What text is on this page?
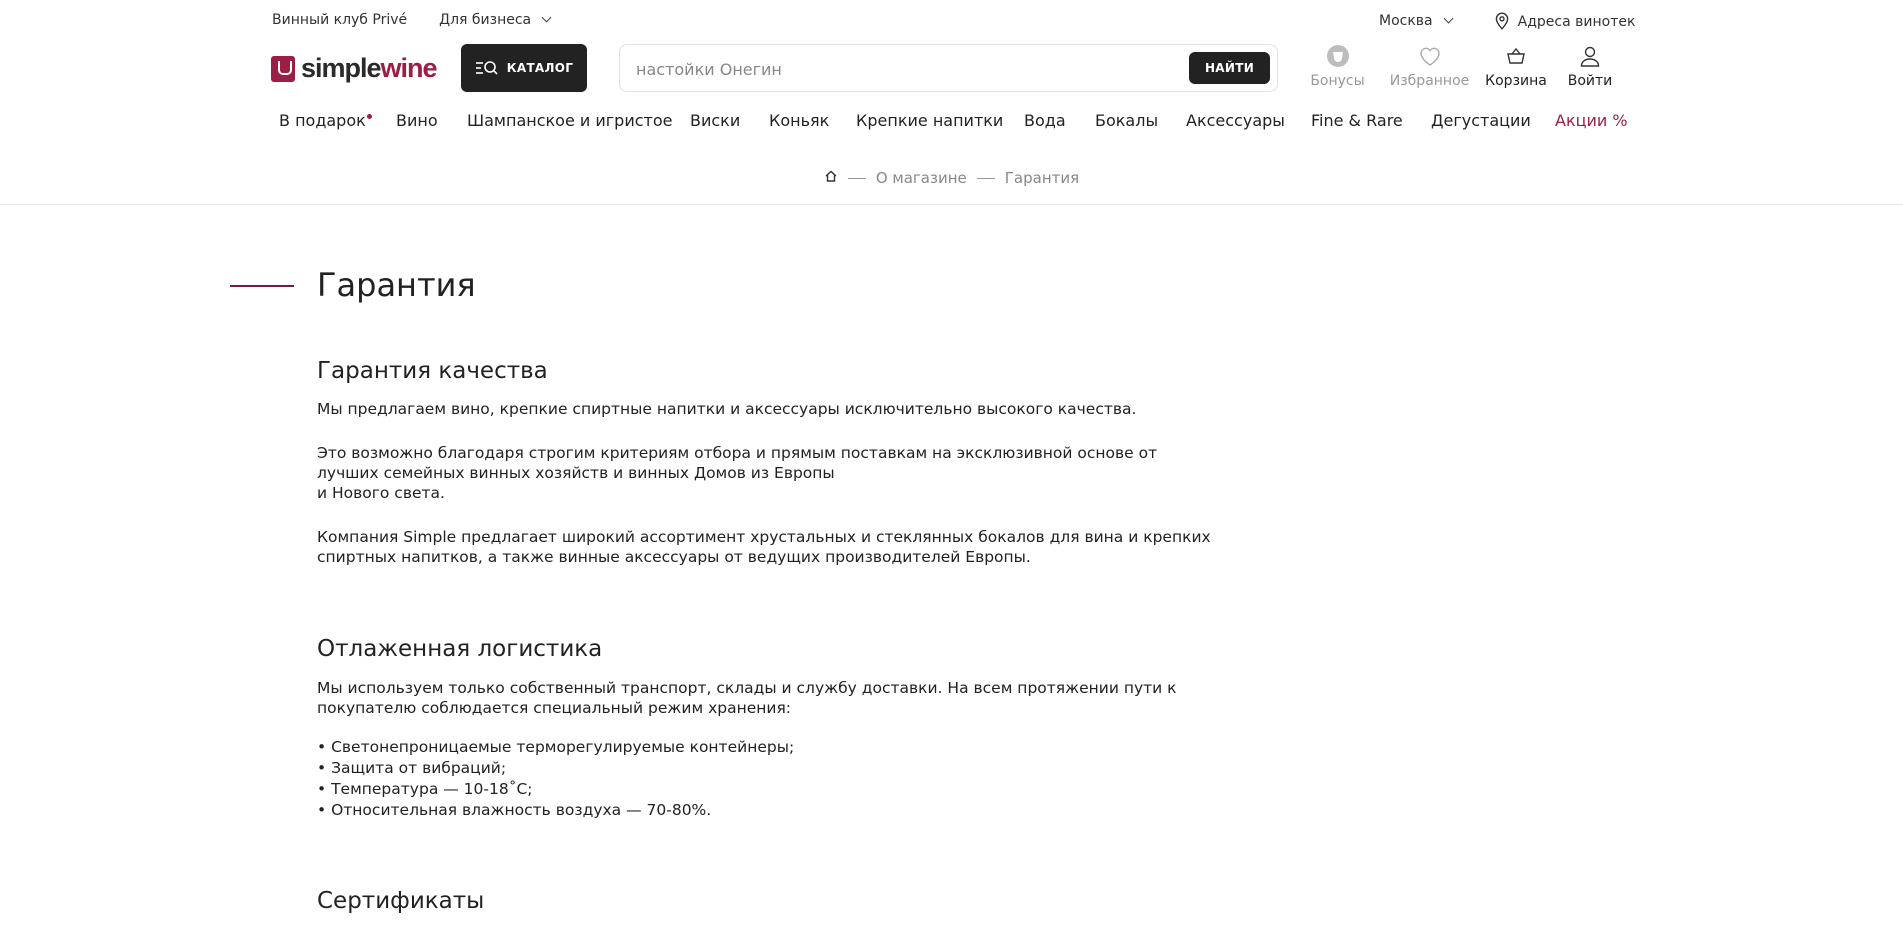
Винный клуб Privé Для бизнеса	Москва	Адреса винотек
simplewine	КАТАЛОГ
настойки Онегин	НАЙТИ
Бонусы Избранное Корзина Войти
В подарок Вино Шампанское и игристое Виски Коньяк Крепкие напитки Вода Бокалы Аксессуары Fine & Rare Дегустации Акции %
О магазине	Гарантия
Гарантия
Гарантия качества

Мы предлагаем вино, крепкие спиртные напитки и аксессуары исключительно высокого качества.

Это возможно благодаря строгим критериям отбора и прямым поставкам на эксклюзивной основе от лучших семейных винных хозяйств и винных Домов из Европы
и Нового света.

Компания Simple предлагает широкий ассортимент хрустальных и стеклянных бокалов для вина и крепких спиртных напитков, а также винные аксессуары от ведущих производителей Европы.

Отлаженная логистика

Мы используем только собственный транспорт, склады и службу доставки. На всем протяжении пути к покупателю соблюдается специальный режим хранения:

• Светонепроницаемые терморегулируемые контейнеры;
• Защита от вибраций;
• Температура — 10-18˚С;
• Относительная влажность воздуха — 70-80%.
Сертификаты
